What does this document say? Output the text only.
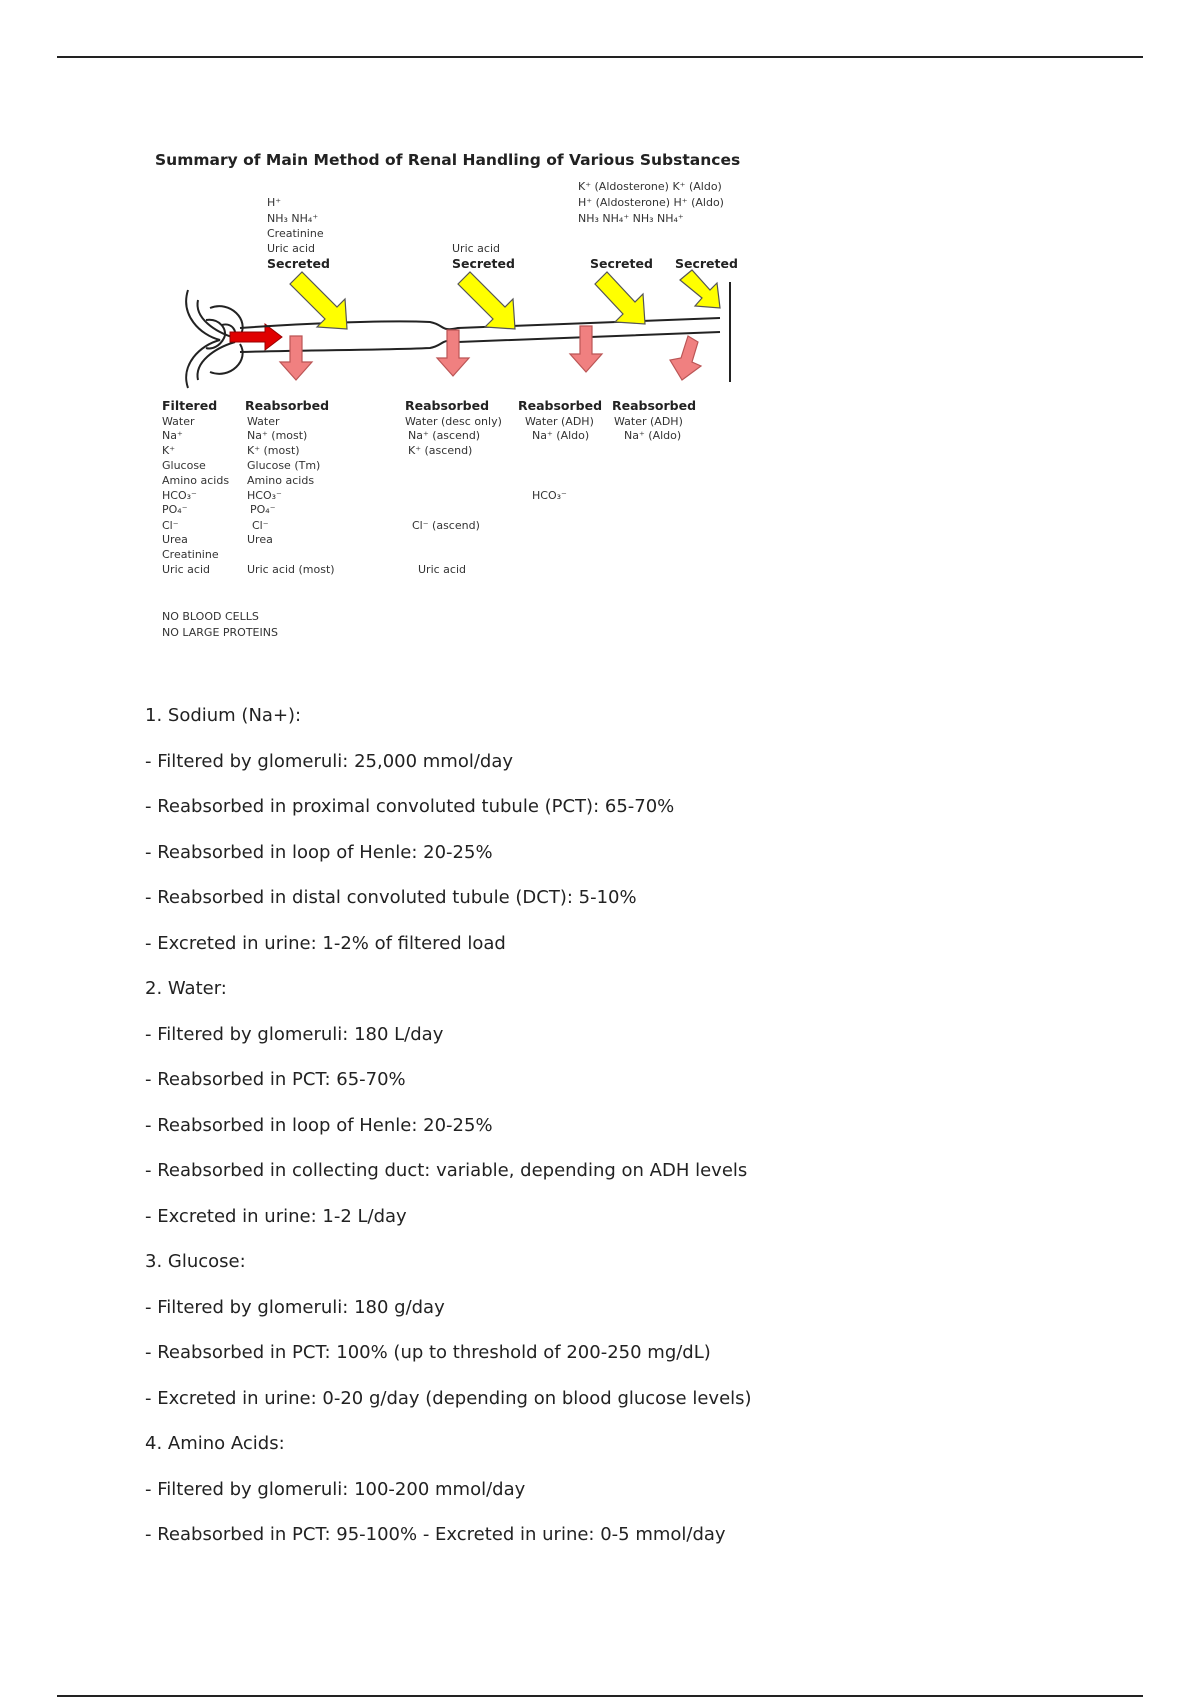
Summary of Main Method of Renal Handling of Various Substances
K⁺ (Aldosterone) K⁺ (Aldo)
H⁺ (Aldosterone) H⁺ (Aldo)
NH₃ NH₄⁺ NH₃ NH₄⁺
H⁺
NH₃ NH₄⁺
Creatinine
Uric acid
Secreted
Uric acid
Secreted	Secreted Secreted
Filtered Reabsorbed	Reabsorbed Reabsorbed Reabsorbed
Water
Na⁺
K⁺
Glucose
Amino acids
HCO₃⁻
PO₄⁻
Cl⁻
Urea
Creatinine
Uric acid
Water
Na⁺ (most)
K⁺ (most)
Glucose (Tm)
Amino acids
HCO₃⁻
PO₄⁻
Cl⁻
Urea
Uric acid (most)
Water (desc only)
Na⁺ (ascend)
K⁺ (ascend)
Cl⁻ (ascend)
Uric acid
Water (ADH)
Na⁺ (Aldo)
HCO₃⁻
Water (ADH)
Na⁺ (Aldo)
NO BLOOD CELLS
NO LARGE PROTEINS

1. Sodium (Na+):

- Filtered by glomeruli: 25,000 mmol/day

- Reabsorbed in proximal convoluted tubule (PCT): 65-70%

- Reabsorbed in loop of Henle: 20-25%

- Reabsorbed in distal convoluted tubule (DCT): 5-10%

- Excreted in urine: 1-2% of filtered load

2. Water:

- Filtered by glomeruli: 180 L/day

- Reabsorbed in PCT: 65-70%

- Reabsorbed in loop of Henle: 20-25%

- Reabsorbed in collecting duct: variable, depending on ADH levels

- Excreted in urine: 1-2 L/day

3. Glucose:

- Filtered by glomeruli: 180 g/day

- Reabsorbed in PCT: 100% (up to threshold of 200-250 mg/dL)

- Excreted in urine: 0-20 g/day (depending on blood glucose levels)

4. Amino Acids:

- Filtered by glomeruli: 100-200 mmol/day

- Reabsorbed in PCT: 95-100% - Excreted in urine: 0-5 mmol/day
